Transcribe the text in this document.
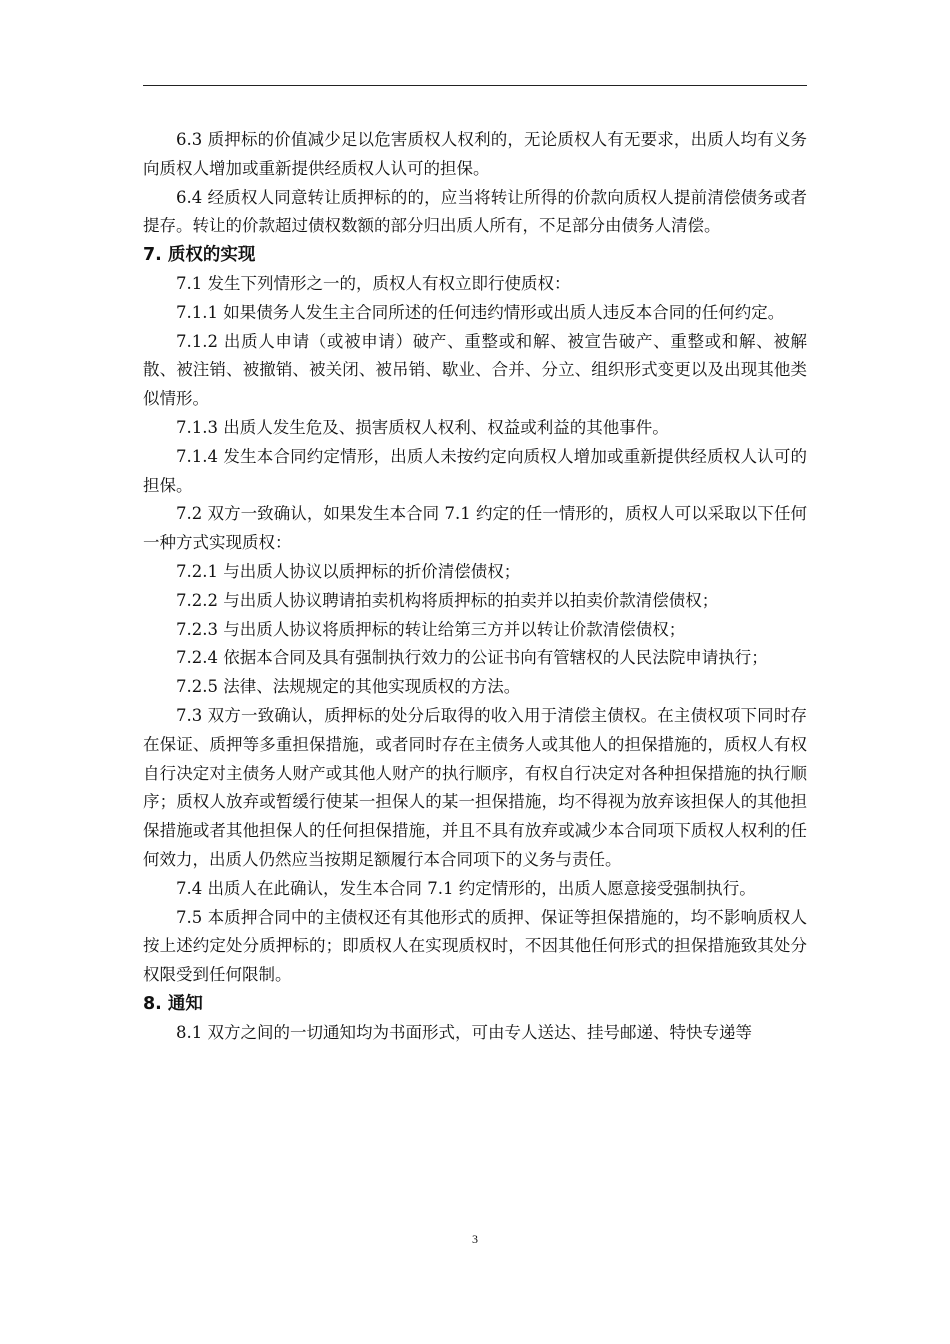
6.3 质押标的价值减少足以危害质权人权利的，无论质权人有无要求，出质人均有义务向质权人增加或重新提供经质权人认可的担保。

6.4 经质权人同意转让质押标的的，应当将转让所得的价款向质权人提前清偿债务或者提存。转让的价款超过债权数额的部分归出质人所有，不足部分由债务人清偿。

7. 质权的实现

7.1 发生下列情形之一的，质权人有权立即行使质权：

7.1.1 如果债务人发生主合同所述的任何违约情形或出质人违反本合同的任何约定。

7.1.2 出质人申请（或被申请）破产、重整或和解、被宣告破产、重整或和解、被解散、被注销、被撤销、被关闭、被吊销、歇业、合并、分立、组织形式变更以及出现其他类似情形。

7.1.3 出质人发生危及、损害质权人权利、权益或利益的其他事件。

7.1.4 发生本合同约定情形，出质人未按约定向质权人增加或重新提供经质权人认可的担保。

7.2 双方一致确认，如果发生本合同 7.1 约定的任一情形的，质权人可以采取以下任何一种方式实现质权：

7.2.1 与出质人协议以质押标的折价清偿债权；

7.2.2 与出质人协议聘请拍卖机构将质押标的拍卖并以拍卖价款清偿债权；

7.2.3 与出质人协议将质押标的转让给第三方并以转让价款清偿债权；

7.2.4 依据本合同及具有强制执行效力的公证书向有管辖权的人民法院申请执行；

7.2.5 法律、法规规定的其他实现质权的方法。

7.3 双方一致确认，质押标的处分后取得的收入用于清偿主债权。在主债权项下同时存在保证、质押等多重担保措施，或者同时存在主债务人或其他人的担保措施的，质权人有权自行决定对主债务人财产或其他人财产的执行顺序，有权自行决定对各种担保措施的执行顺序；质权人放弃或暂缓行使某一担保人的某一担保措施，均不得视为放弃该担保人的其他担保措施或者其他担保人的任何担保措施，并且不具有放弃或减少本合同项下质权人权利的任何效力，出质人仍然应当按期足额履行本合同项下的义务与责任。

7.4 出质人在此确认，发生本合同 7.1 约定情形的，出质人愿意接受强制执行。

7.5 本质押合同中的主债权还有其他形式的质押、保证等担保措施的，均不影响质权人按上述约定处分质押标的；即质权人在实现质权时，不因其他任何形式的担保措施致其处分权限受到任何限制。

8. 通知

8.1 双方之间的一切通知均为书面形式，可由专人送达、挂号邮递、特快专递等

3
